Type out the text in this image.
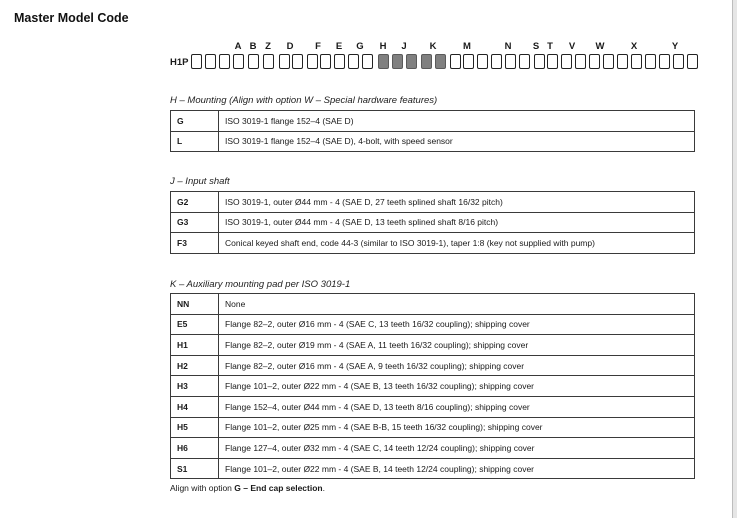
Master Model Code
H1P
A B Z D F E G H J K	M	N S T V W	X	Y
H – Mounting (Align with option W – Special hardware features)
G	ISO 3019-1 flange 152–4 (SAE D)
L	ISO 3019-1 flange 152–4 (SAE D), 4-bolt, with speed sensor
J – Input shaft
G2	ISO 3019-1, outer Ø44 mm - 4 (SAE D, 27 teeth splined shaft 16/32 pitch)
G3	ISO 3019-1, outer Ø44 mm - 4 (SAE D, 13 teeth splined shaft 8/16 pitch)
F3	Conical keyed shaft end, code 44-3 (similar to ISO 3019-1), taper 1:8 (key not supplied with pump)
K – Auxiliary mounting pad per ISO 3019-1
NN	None
E5	Flange 82–2, outer Ø16 mm - 4 (SAE C, 13 teeth 16/32 coupling); shipping cover
H1	Flange 82–2, outer Ø19 mm - 4 (SAE A, 11 teeth 16/32 coupling); shipping cover
H2	Flange 82–2, outer Ø16 mm - 4 (SAE A, 9 teeth 16/32 coupling); shipping cover
H3	Flange 101–2, outer Ø22 mm - 4 (SAE B, 13 teeth 16/32 coupling); shipping cover
H4	Flange 152–4, outer Ø44 mm - 4 (SAE D, 13 teeth 8/16 coupling); shipping cover
H5	Flange 101–2, outer Ø25 mm - 4 (SAE B-B, 15 teeth 16/32 coupling); shipping cover
H6	Flange 127–4, outer Ø32 mm - 4 (SAE C, 14 teeth 12/24 coupling); shipping cover
S1	Flange 101–2, outer Ø22 mm - 4 (SAE B, 14 teeth 12/24 coupling); shipping cover
Align with option G – End cap selection.
